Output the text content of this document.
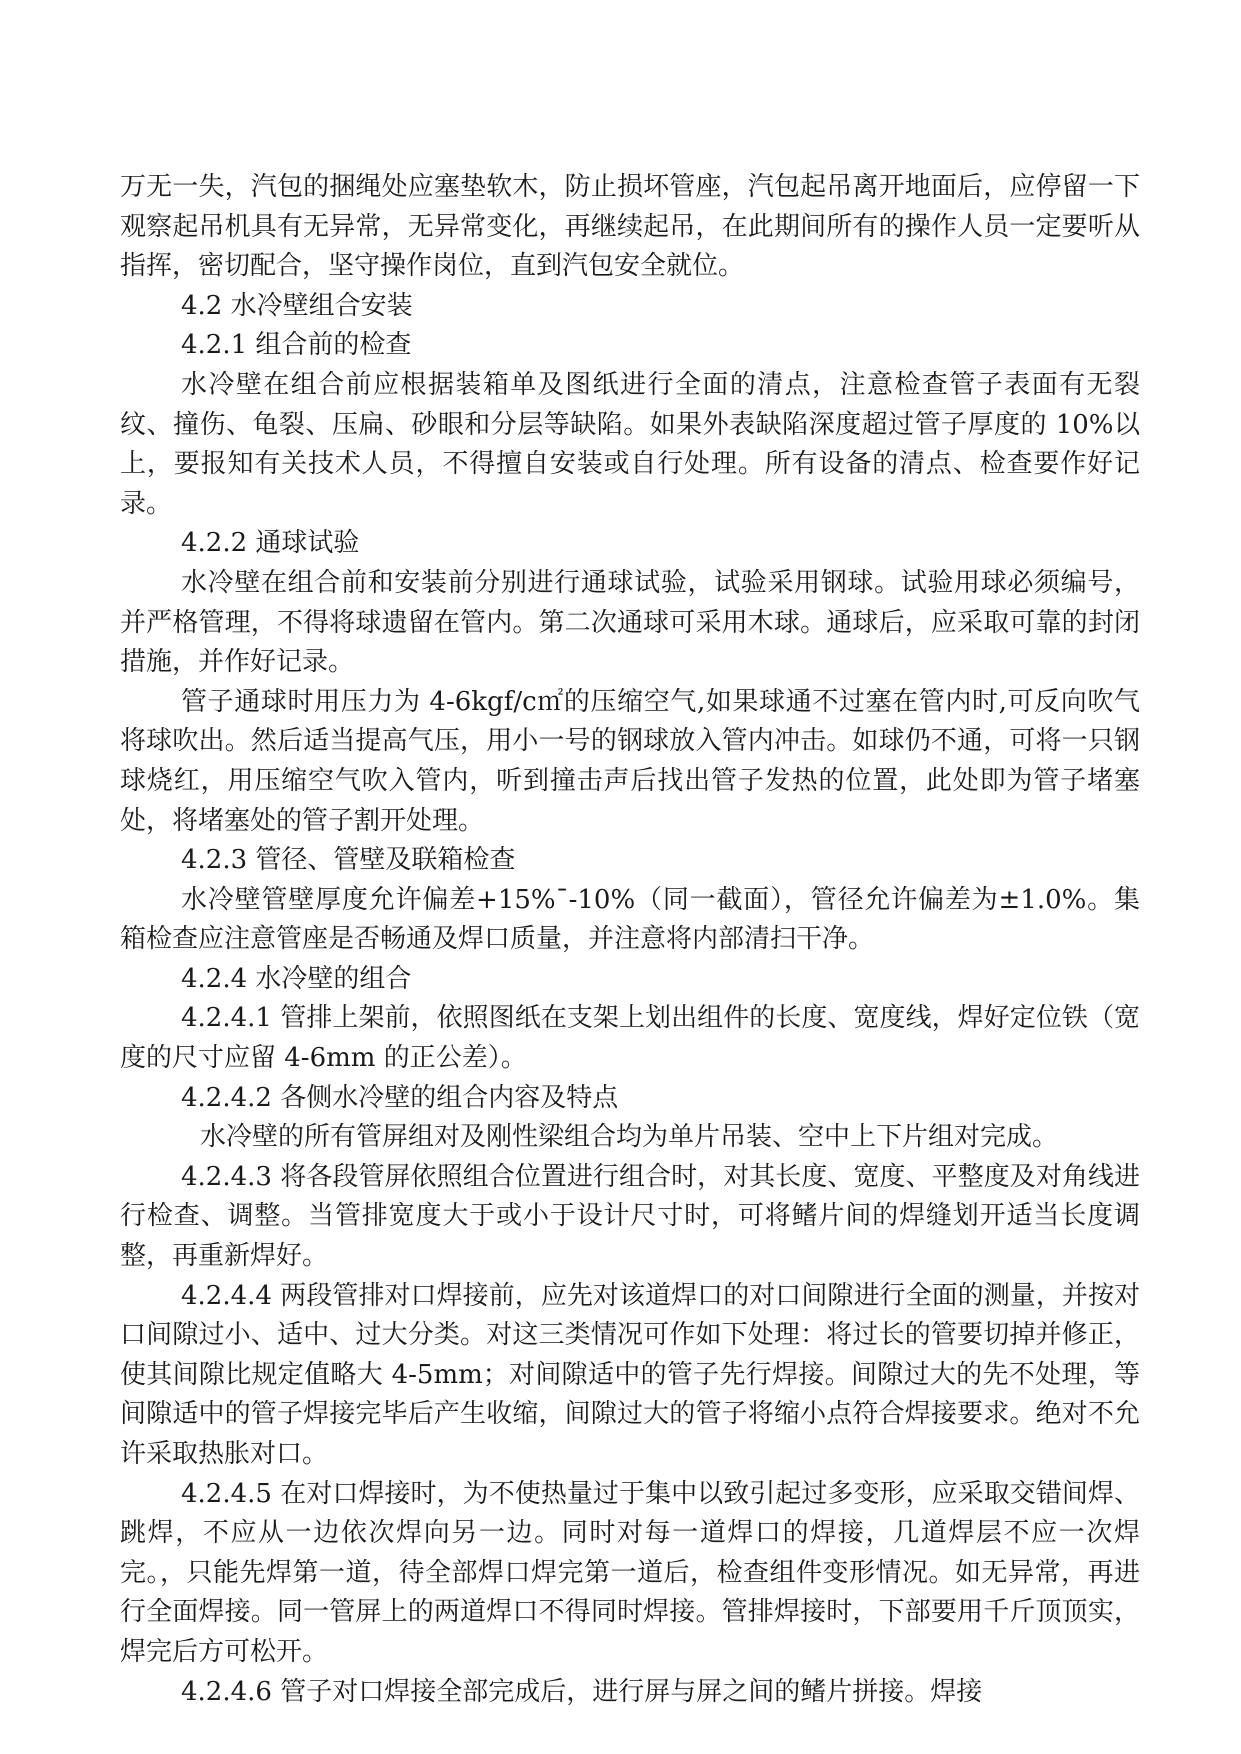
万无一失，汽包的捆绳处应塞垫软木，防止损坏管座，汽包起吊离开地面后，应停留一下观察起吊机具有无异常，无异常变化，再继续起吊，在此期间所有的操作人员一定要听从指挥，密切配合，坚守操作岗位，直到汽包安全就位。

4.2 水冷壁组合安装

4.2.1 组合前的检查

水冷壁在组合前应根据装箱单及图纸进行全面的清点，注意检查管子表面有无裂纹、撞伤、龟裂、压扁、砂眼和分层等缺陷。如果外表缺陷深度超过管子厚度的 10%以上，要报知有关技术人员，不得擅自安装或自行处理。所有设备的清点、检查要作好记录。

4.2.2 通球试验

水冷壁在组合前和安装前分别进行通球试验，试验采用钢球。试验用球必须编号，并严格管理，不得将球遗留在管内。第二次通球可采用木球。通球后，应采取可靠的封闭措施，并作好记录。

管子通球时用压力为 4-6kgf/c㎡的压缩空气,如果球通不过塞在管内时,可反向吹气将球吹出。然后适当提高气压，用小一号的钢球放入管内冲击。如球仍不通，可将一只钢球烧红，用压缩空气吹入管内，听到撞击声后找出管子发热的位置，此处即为管子堵塞处，将堵塞处的管子割开处理。

4.2.3 管径、管壁及联箱检查

水冷壁管壁厚度允许偏差+15%¯-10%（同一截面），管径允许偏差为±1.0%。集箱检查应注意管座是否畅通及焊口质量，并注意将内部清扫干净。

4.2.4 水冷壁的组合

4.2.4.1 管排上架前，依照图纸在支架上划出组件的长度、宽度线，焊好定位铁（宽度的尺寸应留 4-6mm 的正公差）。

4.2.4.2 各侧水冷壁的组合内容及特点

水冷壁的所有管屏组对及刚性梁组合均为单片吊装、空中上下片组对完成。

4.2.4.3 将各段管屏依照组合位置进行组合时，对其长度、宽度、平整度及对角线进行检查、调整。当管排宽度大于或小于设计尺寸时，可将鳍片间的焊缝划开适当长度调整，再重新焊好。

4.2.4.4 两段管排对口焊接前，应先对该道焊口的对口间隙进行全面的测量，并按对口间隙过小、适中、过大分类。对这三类情况可作如下处理：将过长的管要切掉并修正，使其间隙比规定值略大 4-5mm；对间隙适中的管子先行焊接。间隙过大的先不处理，等间隙适中的管子焊接完毕后产生收缩，间隙过大的管子将缩小点符合焊接要求。绝对不允许采取热胀对口。

4.2.4.5 在对口焊接时，为不使热量过于集中以致引起过多变形，应采取交错间焊、跳焊，不应从一边依次焊向另一边。同时对每一道焊口的焊接，几道焊层不应一次焊完。，只能先焊第一道，待全部焊口焊完第一道后，检查组件变形情况。如无异常，再进行全面焊接。同一管屏上的两道焊口不得同时焊接。管排焊接时，下部要用千斤顶顶实，焊完后方可松开。

4.2.4.6 管子对口焊接全部完成后，进行屏与屏之间的鳍片拼接。焊接
